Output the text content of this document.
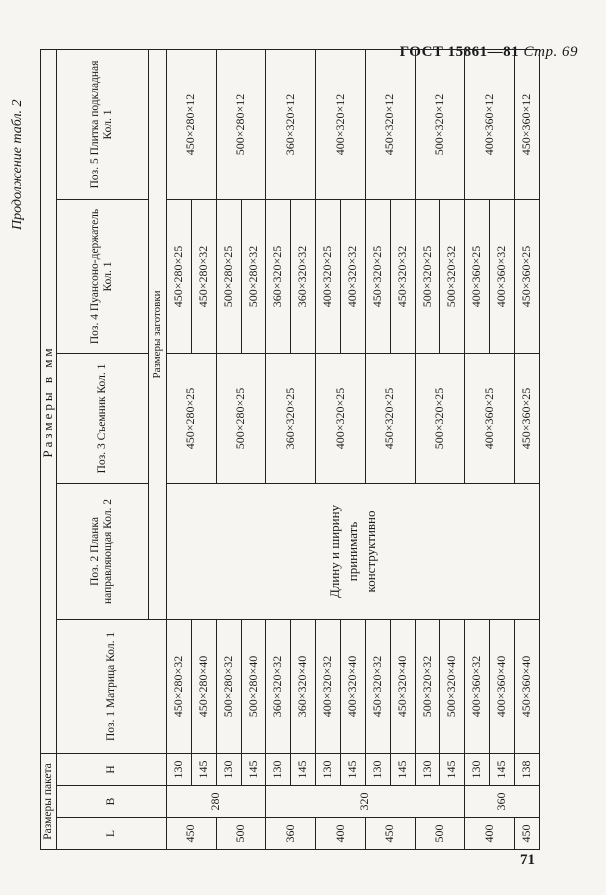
ГОСТ 15861—81 Стр. 69
Продолжение табл. 2
Размеры пакета			Размеры в мм				
L	B	H	Поз. 1 Матрица Кол. 1	Поз. 2 Планка направляющая Кол. 2	Поз. 3 Съемник Кол. 1	Поз. 4 Пуансоно-держатель Кол. 1	Поз. 5 Плитка подкладная Кол. 1
				Размеры заготовки			
450	280	130	450×280×32	Длину и ширину принимать конструктивно	450×280×25	450×280×25	450×280×12
		145	450×280×40			450×280×32	
500		130	500×280×32		500×280×25	500×280×25	500×280×12
		145	500×280×40			500×280×32	
360	320	130	360×320×32		360×320×25	360×320×25	360×320×12
		145	360×320×40			360×320×32	
400		130	400×320×32		400×320×25	400×320×25	400×320×12
		145	400×320×40			400×320×32	
450		130	450×320×32		450×320×25	450×320×25	450×320×12
		145	450×320×40			450×320×32	
500		130	500×320×32		500×320×25	500×320×25	500×320×12
		145	500×320×40			500×320×32	
400	360	130	400×360×32		400×360×25	400×360×25	400×360×12
		145	400×360×40			400×360×32	
450		138	450×360×40		450×360×25	450×360×25	450×360×12
71
